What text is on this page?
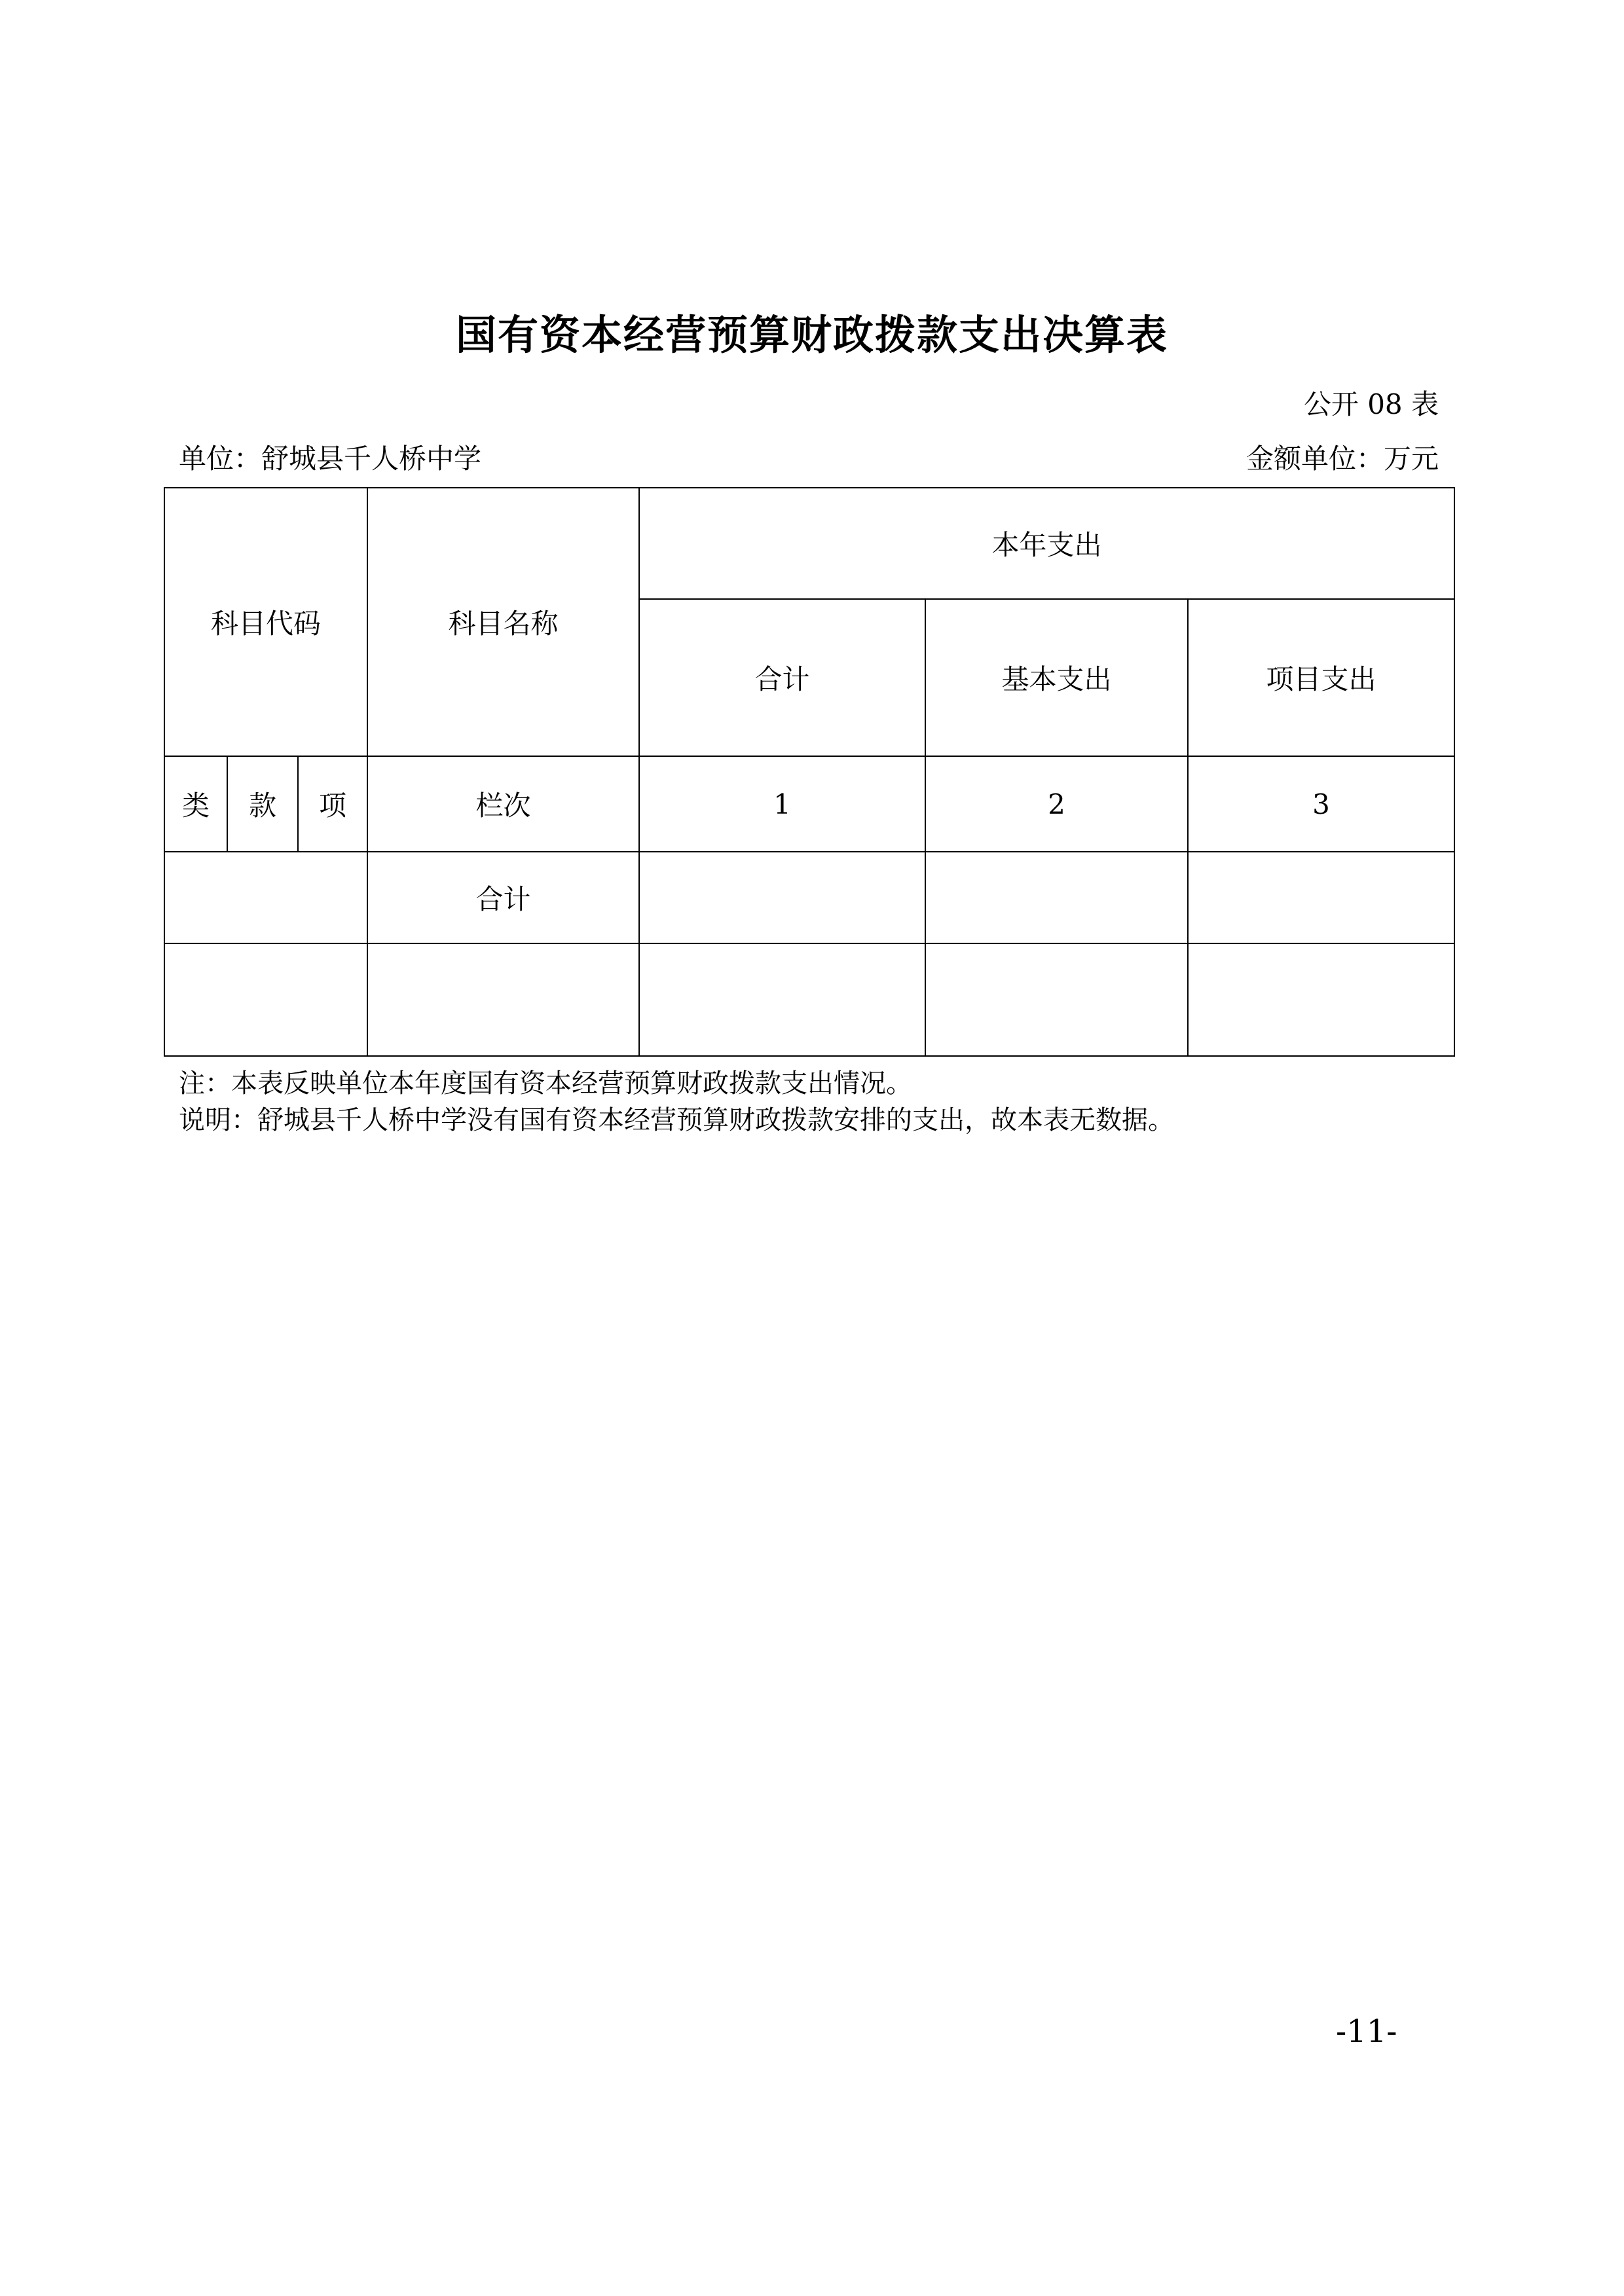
国有资本经营预算财政拨款支出决算表
公开 08 表
单位：舒城县千人桥中学	金额单位：万元
科目代码			科目名称	本年支出		
				合计	基本支出	项目支出
类	款	项	栏次	1	2	3
			合计			

注：本表反映单位本年度国有资本经营预算财政拨款支出情况。

说明：舒城县千人桥中学没有国有资本经营预算财政拨款安排的支出，故本表无数据。

-11-
